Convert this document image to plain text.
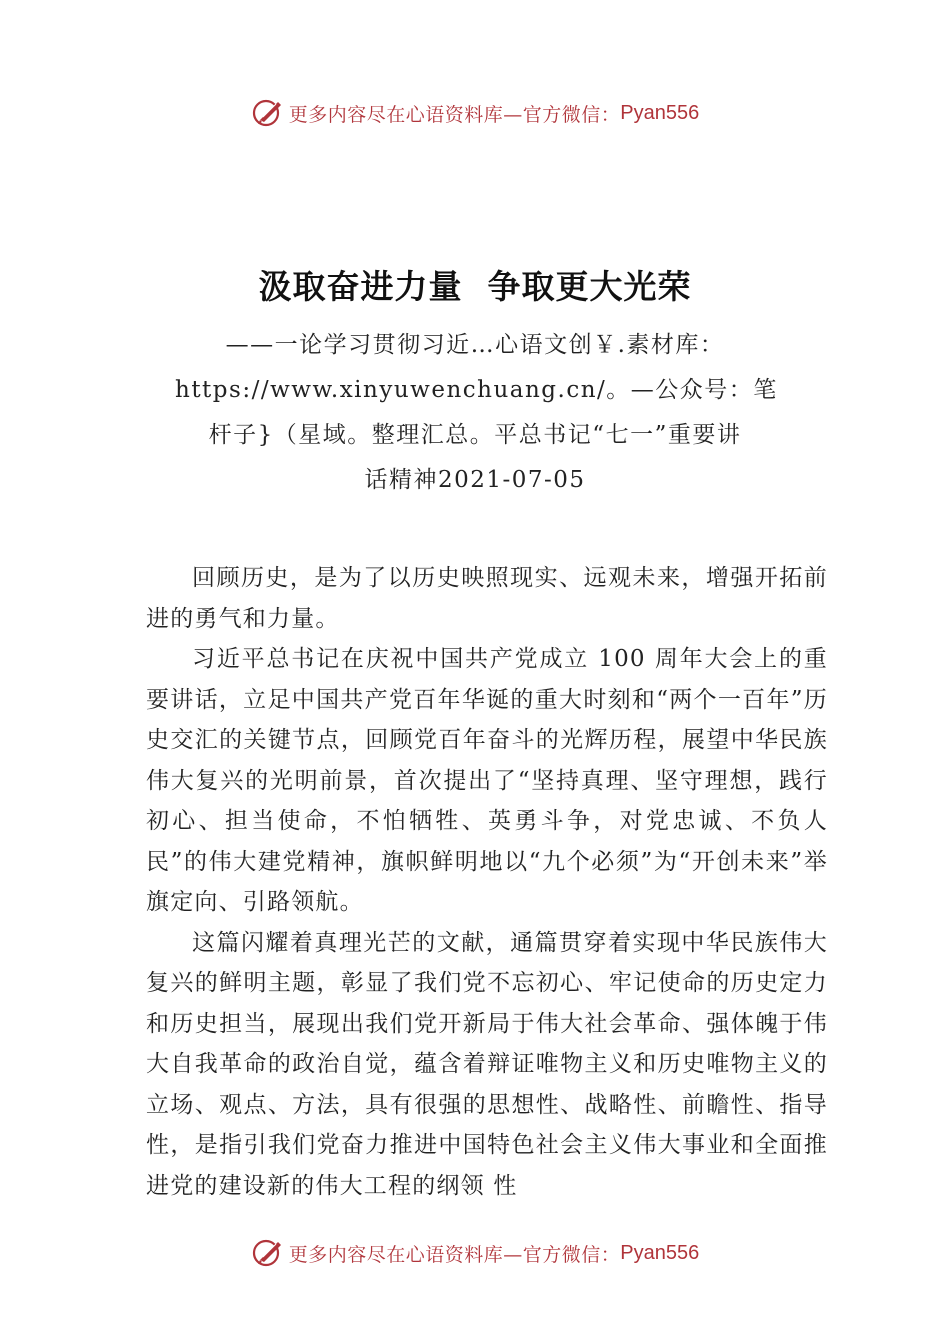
更多内容尽在心语资料库—官方微信： Pyan556
汲取奋进力量  争取更大光荣
——一论学习贯彻习近…心语文创￥.素材库：
https://www.xinyuwenchuang.cn/。—公众号：笔
杆子}（星域。整理汇总。平总书记“七一”重要讲
话精神2021-07-05

回顾历史，是为了以历史映照现实、远观未来，增强开拓前进的勇气和力量。

习近平总书记在庆祝中国共产党成立 100 周年大会上的重要讲话，立足中国共产党百年华诞的重大时刻和“两个一百年”历史交汇的关键节点，回顾党百年奋斗的光辉历程，展望中华民族伟大复兴的光明前景，首次提出了“坚持真理、坚守理想，践行初心、担当使命，不怕牺牲、英勇斗争，对党忠诚、不负人民”的伟大建党精神，旗帜鲜明地以“九个必须”为“开创未来”举旗定向、引路领航。

这篇闪耀着真理光芒的文献，通篇贯穿着实现中华民族伟大复兴的鲜明主题，彰显了我们党不忘初心、牢记使命的历史定力和历史担当，展现出我们党开新局于伟大社会革命、强体魄于伟大自我革命的政治自觉，蕴含着辩证唯物主义和历史唯物主义的立场、观点、方法，具有很强的思想性、战略性、前瞻性、指导性，是指引我们党奋力推进中国特色社会主义伟大事业和全面推进党的建设新的伟大工程的纲领 性

更多内容尽在心语资料库—官方微信： Pyan556
